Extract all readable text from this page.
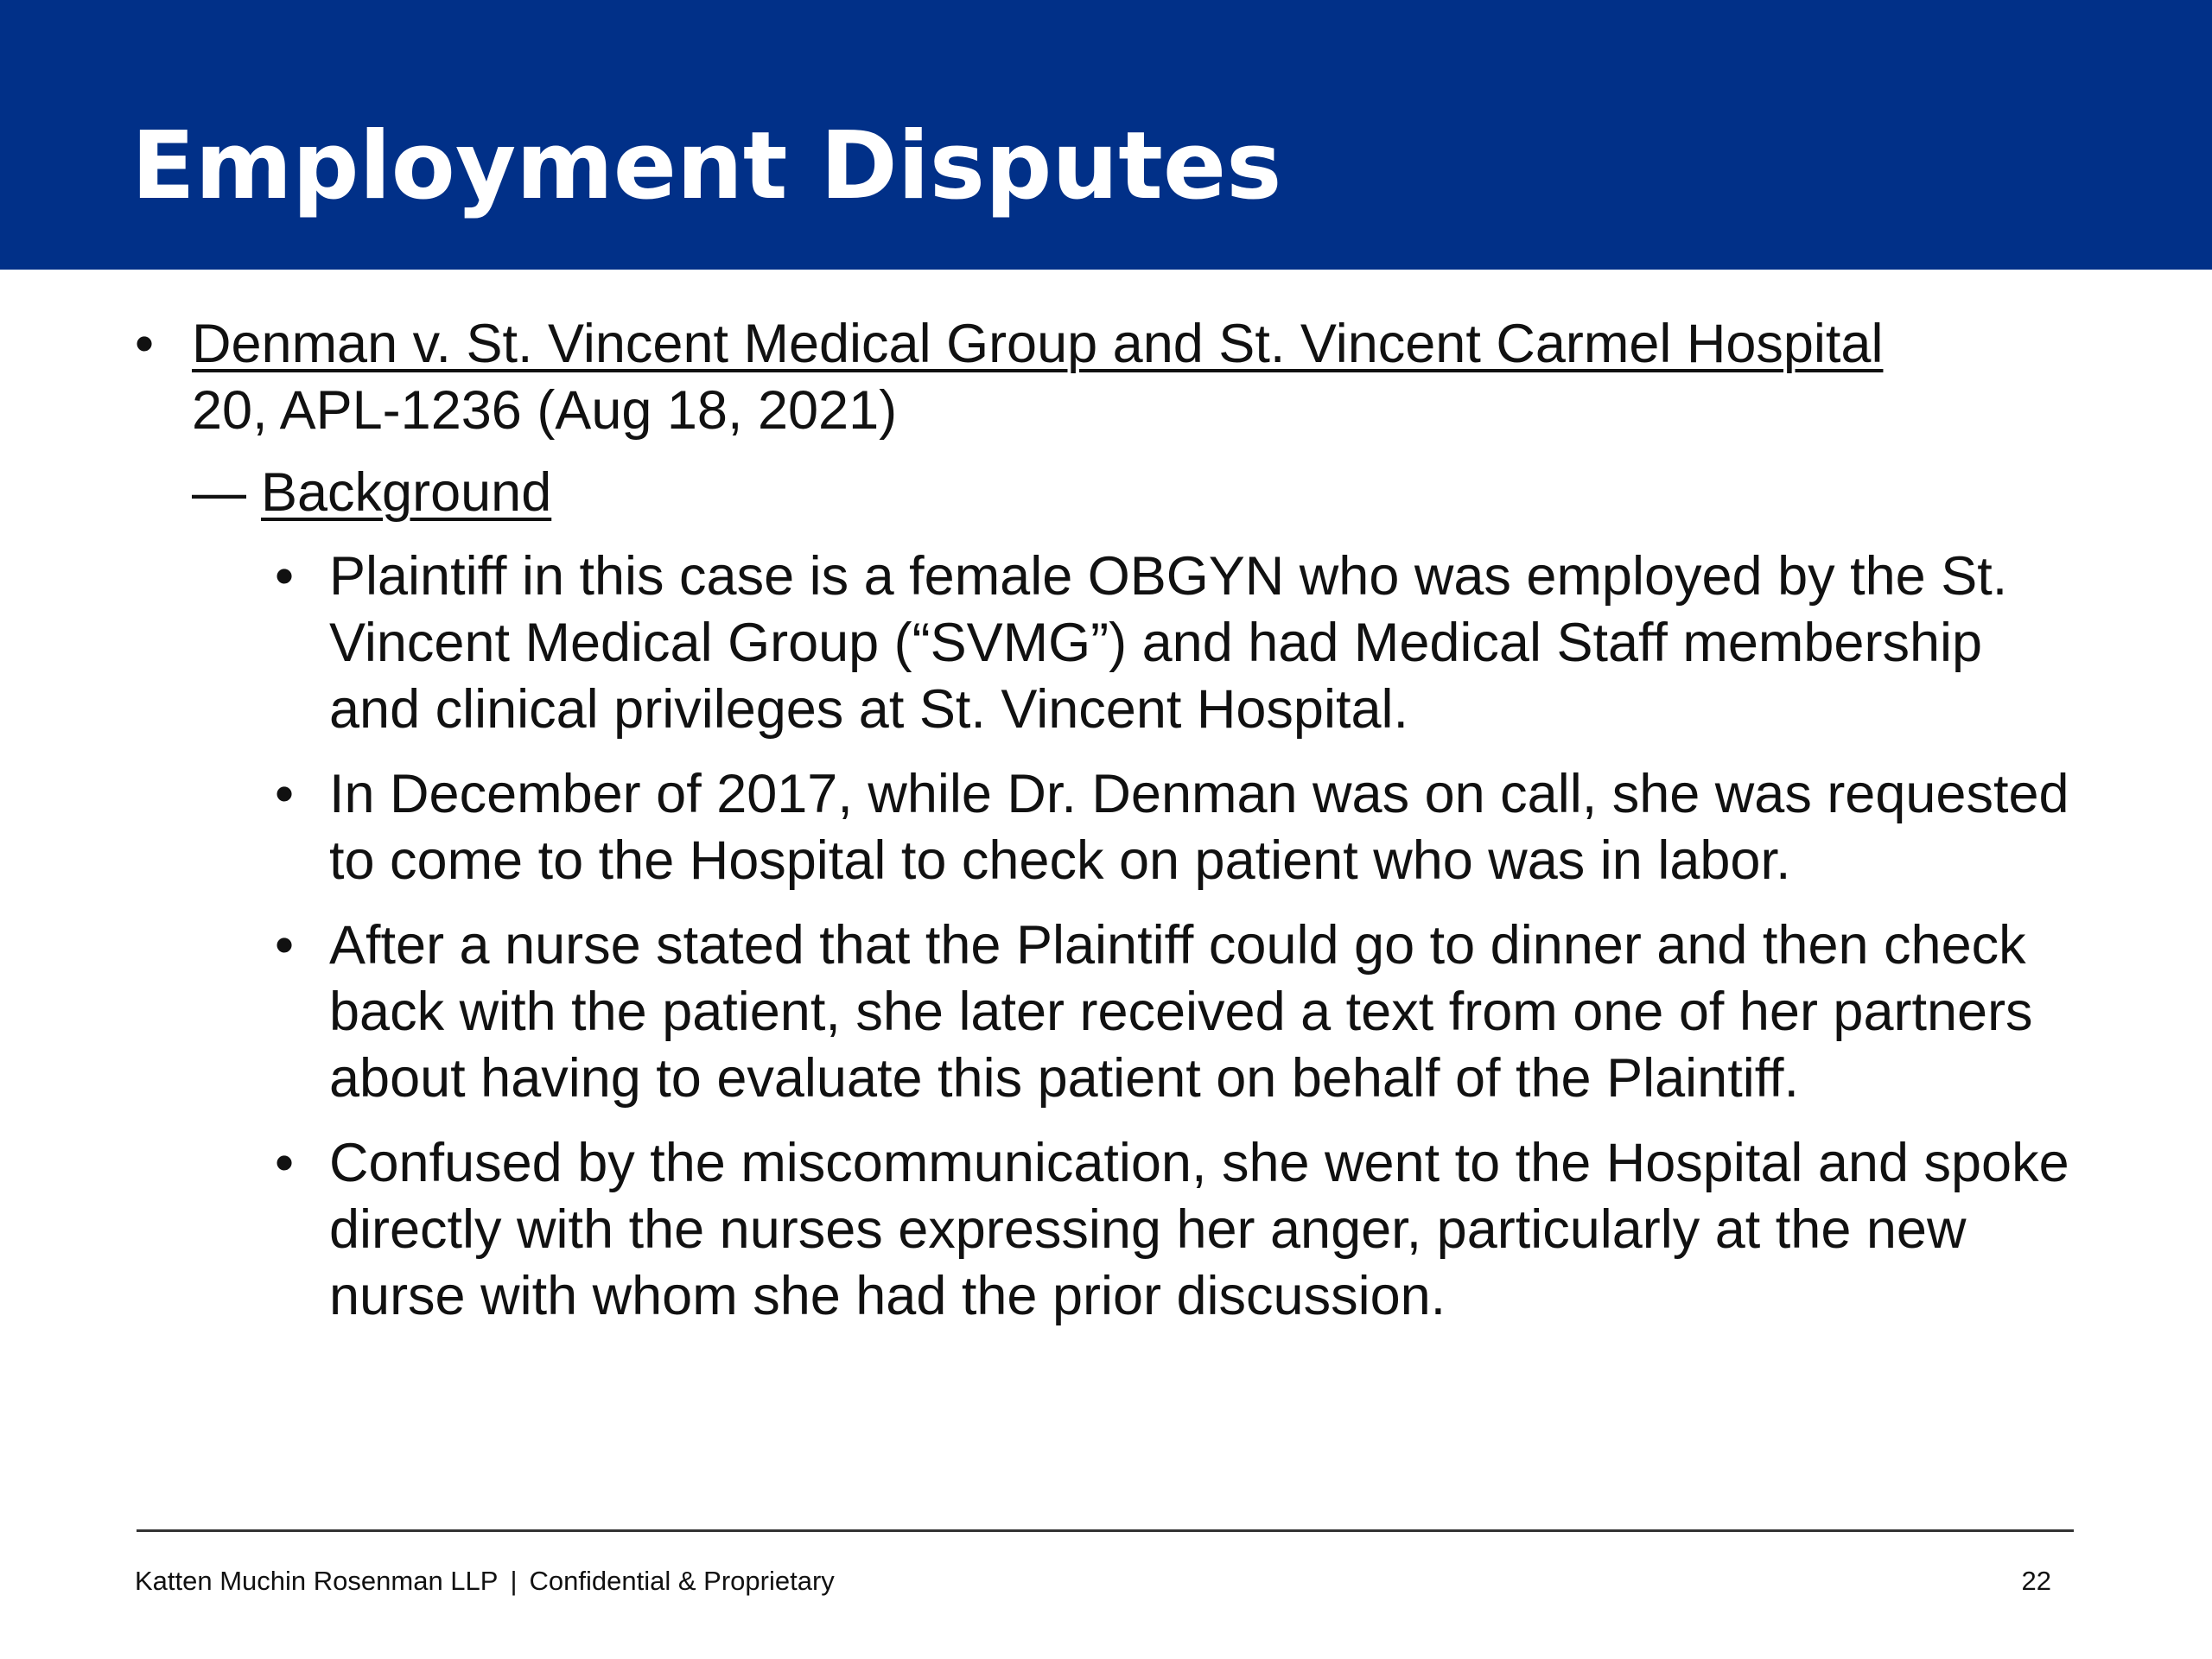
Employment Disputes
• Denman v. St. Vincent Medical Group and St. Vincent Carmel Hospital
20, APL-1236 (Aug 18, 2021)
— Background
• Plaintiff in this case is a female OBGYN who was employed by the St. Vincent Medical Group (“SVMG”) and had Medical Staff membership and clinical privileges at St. Vincent Hospital.
• In December of 2017, while Dr. Denman was on call, she was requested to come to the Hospital to check on patient who was in labor.
• After a nurse stated that the Plaintiff could go to dinner and then check back with the patient, she later received a text from one of her partners about having to evaluate this patient on behalf of the Plaintiff.
• Confused by the miscommunication, she went to the Hospital and spoke directly with the nurses expressing her anger, particularly at the new nurse with whom she had the prior discussion.
Katten Muchin Rosenman LLP | Confidential & Proprietary	22
